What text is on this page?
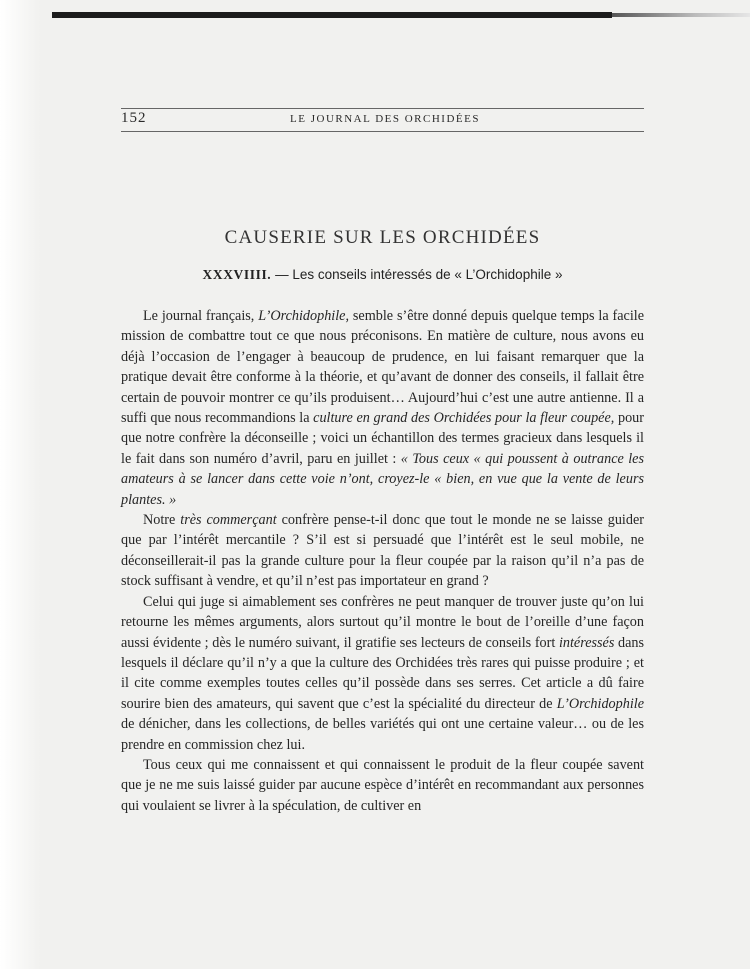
152	LE JOURNAL DES ORCHIDÉES
CAUSERIE SUR LES ORCHIDÉES
XXXVIIII. — Les conseils intéressés de « L’Orchidophile »

Le journal français, L’Orchidophile, semble s’être donné depuis quelque temps la facile mission de combattre tout ce que nous préconisons. En matière de culture, nous avons eu déjà l’occasion de l’engager à beaucoup de prudence, en lui faisant remarquer que la pratique devait être conforme à la théorie, et qu’avant de donner des conseils, il fallait être certain de pouvoir montrer ce qu’ils produisent… Aujourd’hui c’est une autre antienne. Il a suffi que nous recommandions la culture en grand des Orchidées pour la fleur coupée, pour que notre confrère la déconseille ; voici un échantillon des termes gracieux dans lesquels il le fait dans son numéro d’avril, paru en juillet : « Tous ceux « qui poussent à outrance les amateurs à se lancer dans cette voie n’ont, croyez-le « bien, en vue que la vente de leurs plantes. »

Notre très commerçant confrère pense-t-il donc que tout le monde ne se laisse guider que par l’intérêt mercantile ? S’il est si persuadé que l’intérêt est le seul mobile, ne déconseillerait-il pas la grande culture pour la fleur coupée par la raison qu’il n’a pas de stock suffisant à vendre, et qu’il n’est pas importateur en grand ?

Celui qui juge si aimablement ses confrères ne peut manquer de trouver juste qu’on lui retourne les mêmes arguments, alors surtout qu’il montre le bout de l’oreille d’une façon aussi évidente ; dès le numéro suivant, il gratifie ses lecteurs de conseils fort intéressés dans lesquels il déclare qu’il n’y a que la culture des Orchidées très rares qui puisse produire ; et il cite comme exemples toutes celles qu’il possède dans ses serres. Cet article a dû faire sourire bien des amateurs, qui savent que c’est la spécialité du directeur de L’Orchidophile de dénicher, dans les collections, de belles variétés qui ont une certaine valeur… ou de les prendre en commission chez lui.

Tous ceux qui me connaissent et qui connaissent le produit de la fleur coupée savent que je ne me suis laissé guider par aucune espèce d’intérêt en recommandant aux personnes qui voulaient se livrer à la spéculation, de cultiver en
